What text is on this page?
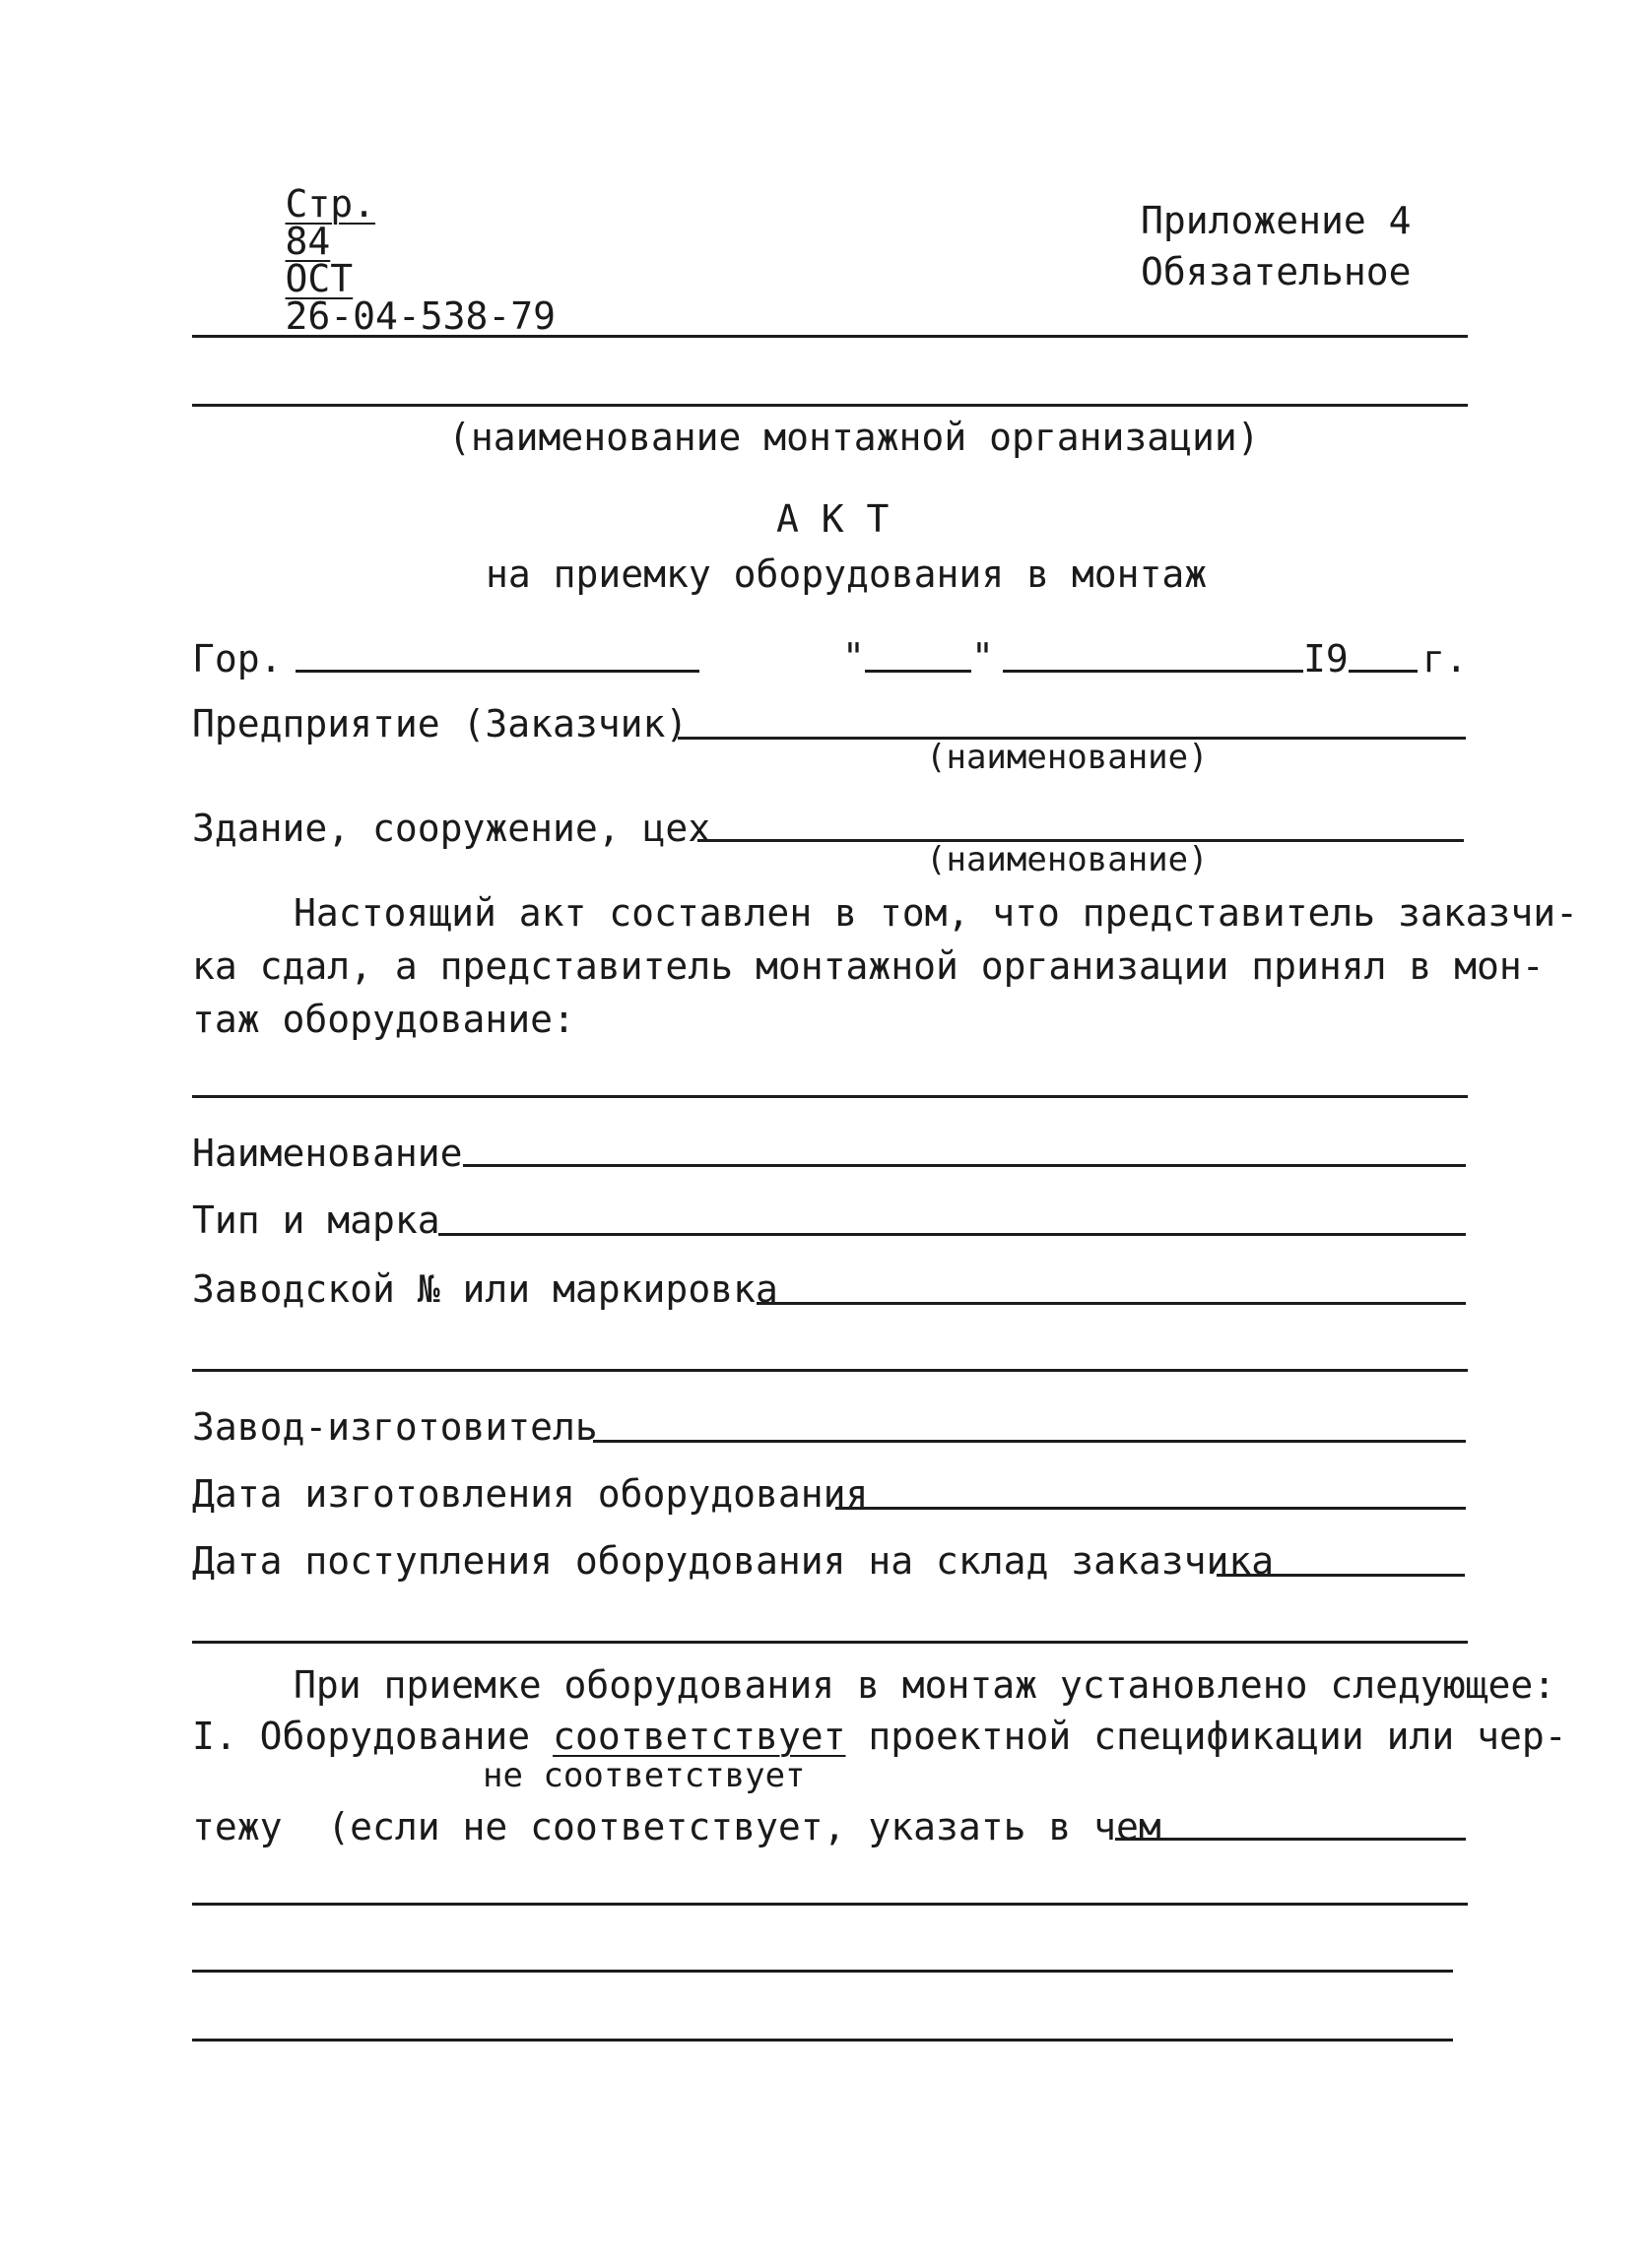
Стр.
84
ОСТ
26-04-538-79

Приложение 4
Обязательное
(наименование монтажной организации)
А К Т
на приемку оборудования в монтаж
Гор.	"	"	I9 г.
Предприятие (Заказчик)
(наименование)
Здание, сооружение, цех
(наименование)
Настоящий акт составлен в том, что представитель заказчи-
ка сдал, а представитель монтажной организации принял в мон-
таж оборудование:
Наименование
Тип и марка
Заводской № или маркировка
Завод-изготовитель
Дата изготовления оборудования
Дата поступления оборудования на склад заказчика
При приемке оборудования в монтаж установлено следующее:
I. Оборудование соответствует проектной спецификации или чер-
не соответствует
тежу  (если не соответствует, указать в чем
